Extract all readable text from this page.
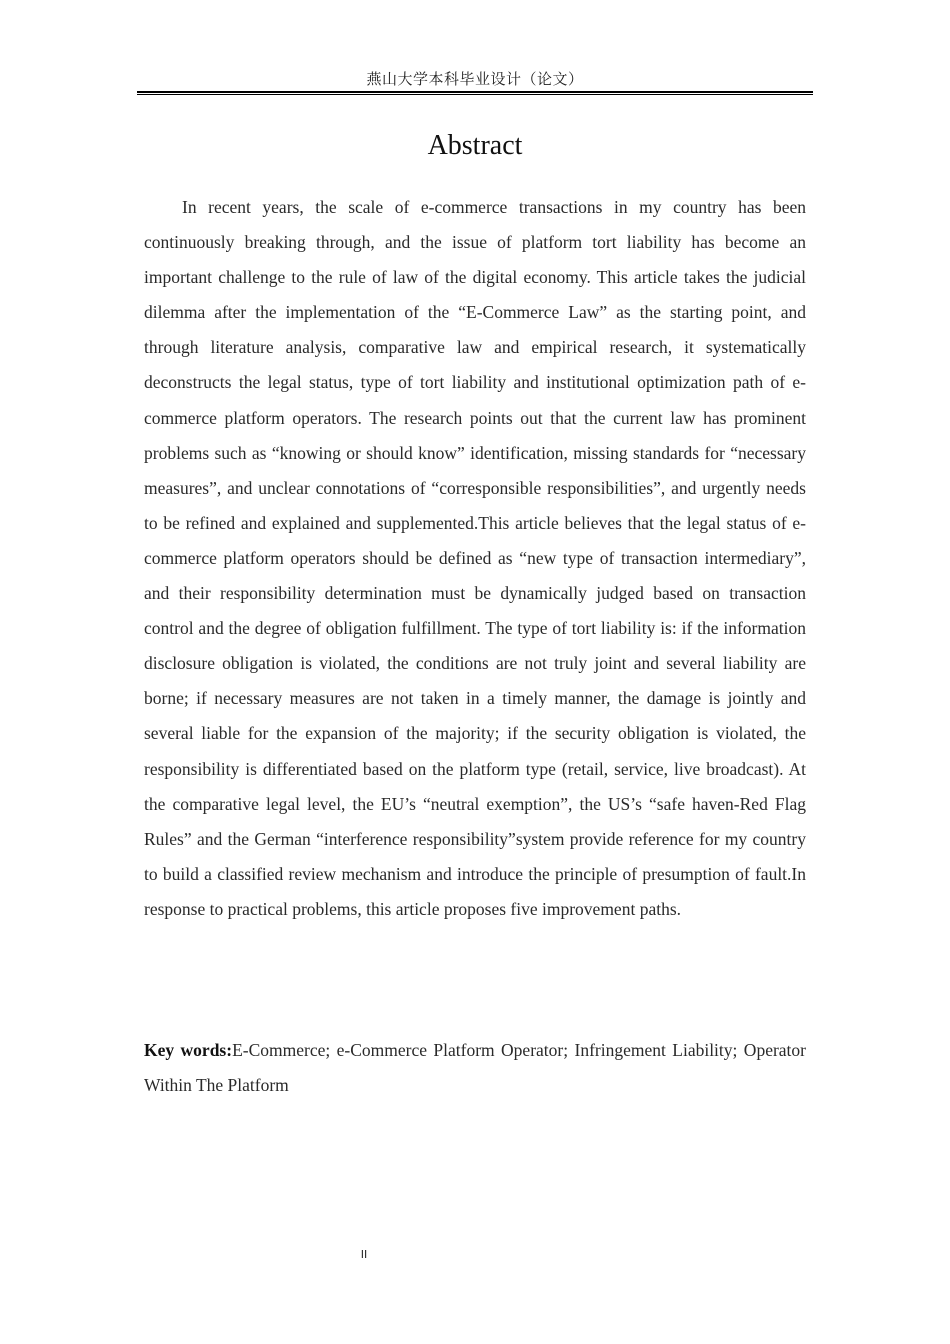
燕山大学本科毕业设计（论文）
Abstract

In recent years, the scale of e-commerce transactions in my country has been continuously breaking through, and the issue of platform tort liability has become an important challenge to the rule of law of the digital economy. This article takes the judicial dilemma after the implementation of the “E-Commerce Law” as the starting point, and through literature analysis, comparative law and empirical research, it systematically deconstructs the legal status, type of tort liability and institutional optimization path of e-commerce platform operators. The research points out that the current law has prominent problems such as “knowing or should know” identification, missing standards for “necessary measures”, and unclear connotations of “corresponsible responsibilities”, and urgently needs to be refined and explained and supplemented.This article believes that the legal status of e-commerce platform operators should be defined as “new type of transaction intermediary”, and their responsibility determination must be dynamically judged based on transaction control and the degree of obligation fulfillment. The type of tort liability is: if the information disclosure obligation is violated, the conditions are not truly joint and several liability are borne; if necessary measures are not taken in a timely manner, the damage is jointly and several liable for the expansion of the majority; if the security obligation is violated, the responsibility is differentiated based on the platform type (retail, service, live broadcast). At the comparative legal level, the EU’s “neutral exemption”, the US’s “safe haven-Red Flag Rules” and the German “interference responsibility”system provide reference for my country to build a classified review mechanism and introduce the principle of presumption of fault.In response to practical problems, this article proposes five improvement paths.

Key words:E-Commerce; e-Commerce Platform Operator; Infringement Liability; Operator Within The Platform

II
